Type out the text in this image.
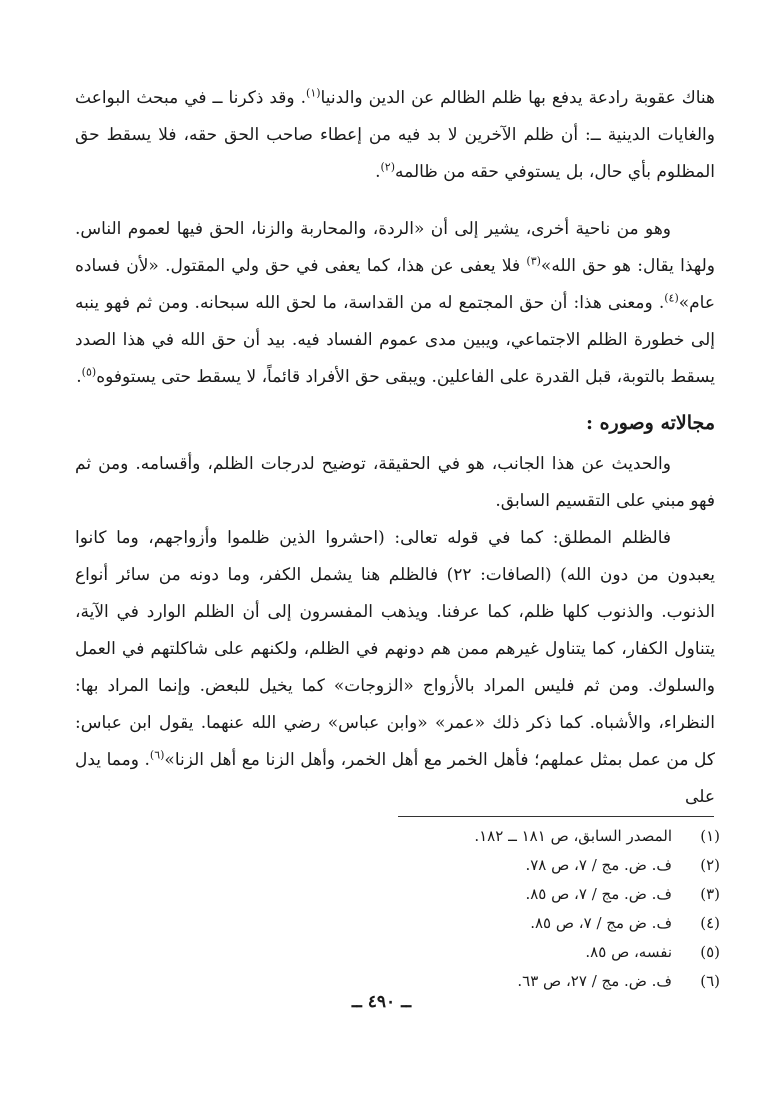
هناك عقوبة رادعة يدفع بها ظلم الظالم عن الدين والدنيا$^{(١)}$. وقد ذكرنا ــ في مبحث البواعث والغايات الدينية ــ: أن ظلم الآخرين لا بد فيه من إعطاء صاحب الحق حقه، فلا يسقط حق المظلوم بأي حال، بل يستوفي حقه من ظالمه$^{(٢)}$.

وهو من ناحية أخرى، يشير إلى أن «الردة، والمحاربة والزنا، الحق فيها لعموم الناس. ولهذا يقال: هو حق الله»$^{(٣)}$ فلا يعفى عن هذا، كما يعفى في حق ولي المقتول. «لأن فساده عام»$^{(٤)}$. ومعنى هذا: أن حق المجتمع له من القداسة، ما لحق الله سبحانه. ومن ثم فهو ينبه إلى خطورة الظلم الاجتماعي، ويبين مدى عموم الفساد فيه. بيد أن حق الله في هذا الصدد يسقط بالتوبة، قبل القدرة على الفاعلين. ويبقى حق الأفراد قائماً، لا يسقط حتى يستوفوه$^{(٥)}$.

مجالاته وصوره :

والحديث عن هذا الجانب، هو في الحقيقة، توضيح لدرجات الظلم، وأقسامه. ومن ثم فهو مبني على التقسيم السابق.

فالظلم المطلق: كما في قوله تعالى: (احشروا الذين ظلموا وأزواجهم، وما كانوا يعبدون من دون الله) (الصافات: ٢٢) فالظلم هنا يشمل الكفر، وما دونه من سائر أنواع الذنوب. والذنوب كلها ظلم، كما عرفنا. ويذهب المفسرون إلى أن الظلم الوارد في الآية، يتناول الكفار، كما يتناول غيرهم ممن هم دونهم في الظلم، ولكنهم على شاكلتهم في العمل والسلوك. ومن ثم فليس المراد بالأزواج «الزوجات» كما يخيل للبعض. وإنما المراد بها: النظراء، والأشباه. كما ذكر ذلك «عمر» «وابن عباس» رضي الله عنهما. يقول ابن عباس: كل من عمل بمثل عملهم؛ فأهل الخمر مع أهل الخمر، وأهل الزنا مع أهل الزنا»$^{(٦)}$. ومما يدل على

(١)
المصدر السابق، ص ١٨١ ــ ١٨٢.
(٢)
ف. ض. مج / ٧، ص ٧٨.
(٣)
ف. ض. مج / ٧، ص ٨٥.
(٤)
ف. ض مج / ٧، ص ٨٥.
(٥)
نفسه، ص ٨٥.
(٦)
ف. ض. مج / ٢٧، ص ٦٣.
ــ ٤٩٠ ــ
